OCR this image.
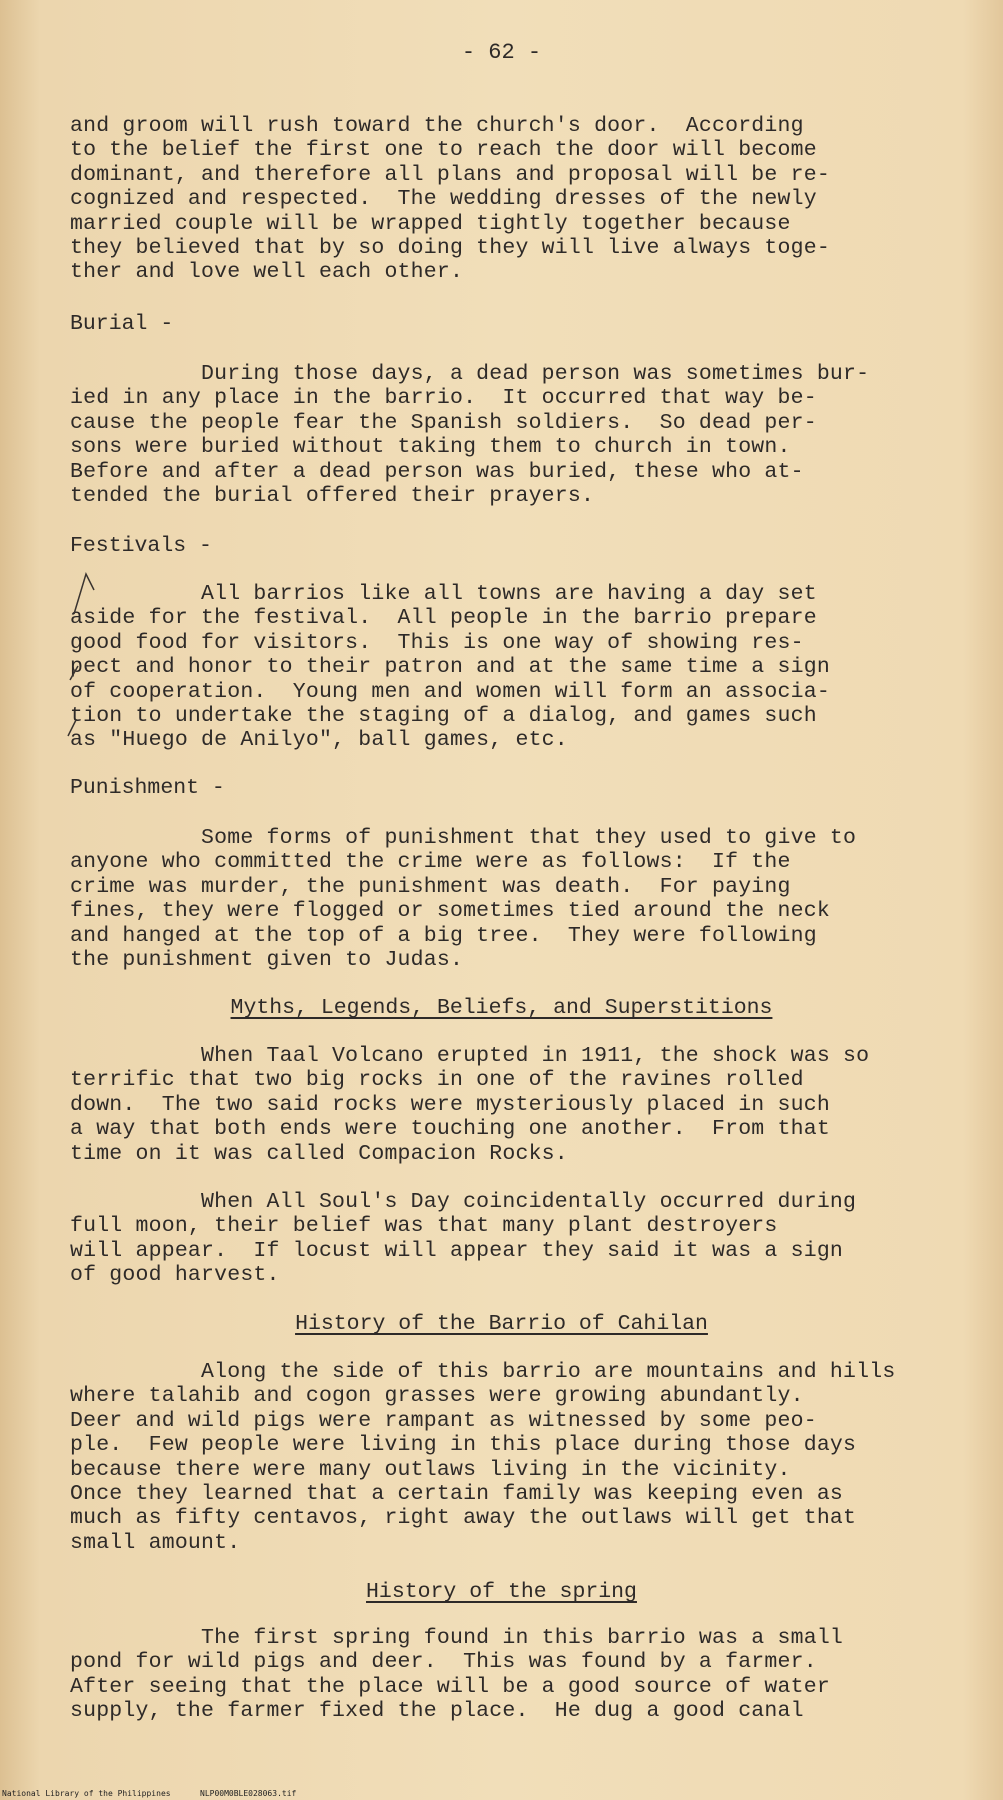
- 62 -
and groom will rush toward the church's door.  According
to the belief the first one to reach the door will become
dominant, and therefore all plans and proposal will be re-
cognized and respected.  The wedding dresses of the newly
married couple will be wrapped tightly together because
they believed that by so doing they will live always toge-
ther and love well each other.
Burial -
During those days, a dead person was sometimes bur-
ied in any place in the barrio.  It occurred that way be-
cause the people fear the Spanish soldiers.  So dead per-
sons were buried without taking them to church in town.
Before and after a dead person was buried, these who at-
tended the burial offered their prayers.
Festivals -
All barrios like all towns are having a day set
aside for the festival.  All people in the barrio prepare
good food for visitors.  This is one way of showing res-
pect and honor to their patron and at the same time a sign
of cooperation.  Young men and women will form an associa-
tion to undertake the staging of a dialog, and games such
as "Huego de Anilyo", ball games, etc.
Punishment -
Some forms of punishment that they used to give to
anyone who committed the crime were as follows:  If the
crime was murder, the punishment was death.  For paying
fines, they were flogged or sometimes tied around the neck
and hanged at the top of a big tree.  They were following
the punishment given to Judas.
Myths, Legends, Beliefs, and Superstitions
When Taal Volcano erupted in 1911, the shock was so
terrific that two big rocks in one of the ravines rolled
down.  The two said rocks were mysteriously placed in such
a way that both ends were touching one another.  From that
time on it was called Compacion Rocks.
When All Soul's Day coincidentally occurred during
full moon, their belief was that many plant destroyers
will appear.  If locust will appear they said it was a sign
of good harvest.
History of the Barrio of Cahilan
Along the side of this barrio are mountains and hills
where talahib and cogon grasses were growing abundantly.
Deer and wild pigs were rampant as witnessed by some peo-
ple.  Few people were living in this place during those days
because there were many outlaws living in the vicinity.
Once they learned that a certain family was keeping even as
much as fifty centavos, right away the outlaws will get that
small amount.
History of the spring
The first spring found in this barrio was a small
pond for wild pigs and deer.  This was found by a farmer.
After seeing that the place will be a good source of water
supply, the farmer fixed the place.  He dug a good canal
National Library of the Philippines	NLP00M0BLE028063.tif
